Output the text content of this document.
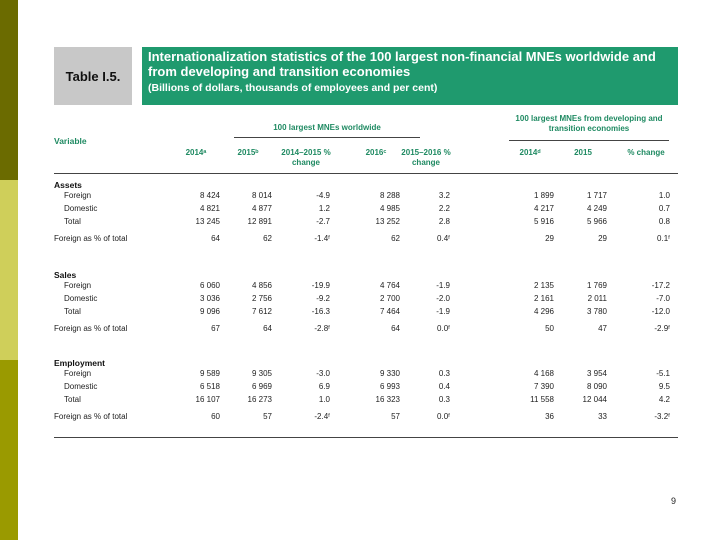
Table I.5.
Internationalization statistics of the 100 largest non-financial MNEs worldwide and from developing and transition economies
(Billions of dollars, thousands of employees and per cent)
Variable
100 largest MNEs worldwide
100 largest MNEs from developing and transition economies
2014ᵃ	2015ᵇ	2014–2015 % change
2016ᶜ	2015–2016 % change
2014ᵈ	2015	% change
Assets
Foreign	8 424	8 014	-4.9	8 288	3.2	1 899	1 717	1.0
Domestic	4 821	4 877	1.2	4 985	2.2	4 217	4 249	0.7
Total	13 245	12 891	-2.7	13 252	2.8	5 916	5 966	0.8
Foreign as % of total	64	62	-1.4ᶠ	62	0.4ᶠ	29	29	0.1ᶠ
Sales
Foreign	6 060	4 856	-19.9	4 764	-1.9	2 135	1 769	-17.2
Domestic	3 036	2 756	-9.2	2 700	-2.0	2 161	2 011	-7.0
Total	9 096	7 612	-16.3	7 464	-1.9	4 296	3 780	-12.0
Foreign as % of total	67	64	-2.8ᶠ	64	0.0ᶠ	50	47	-2.9ᶠ
Employment
Foreign	9 589	9 305	-3.0	9 330	0.3	4 168	3 954	-5.1
Domestic	6 518	6 969	6.9	6 993	0.4	7 390	8 090	9.5
Total	16 107	16 273	1.0	16 323	0.3	11 558	12 044	4.2
Foreign as % of total	60	57	-2.4ᶠ	57	0.0ᶠ	36	33	-3.2ᶠ
9
